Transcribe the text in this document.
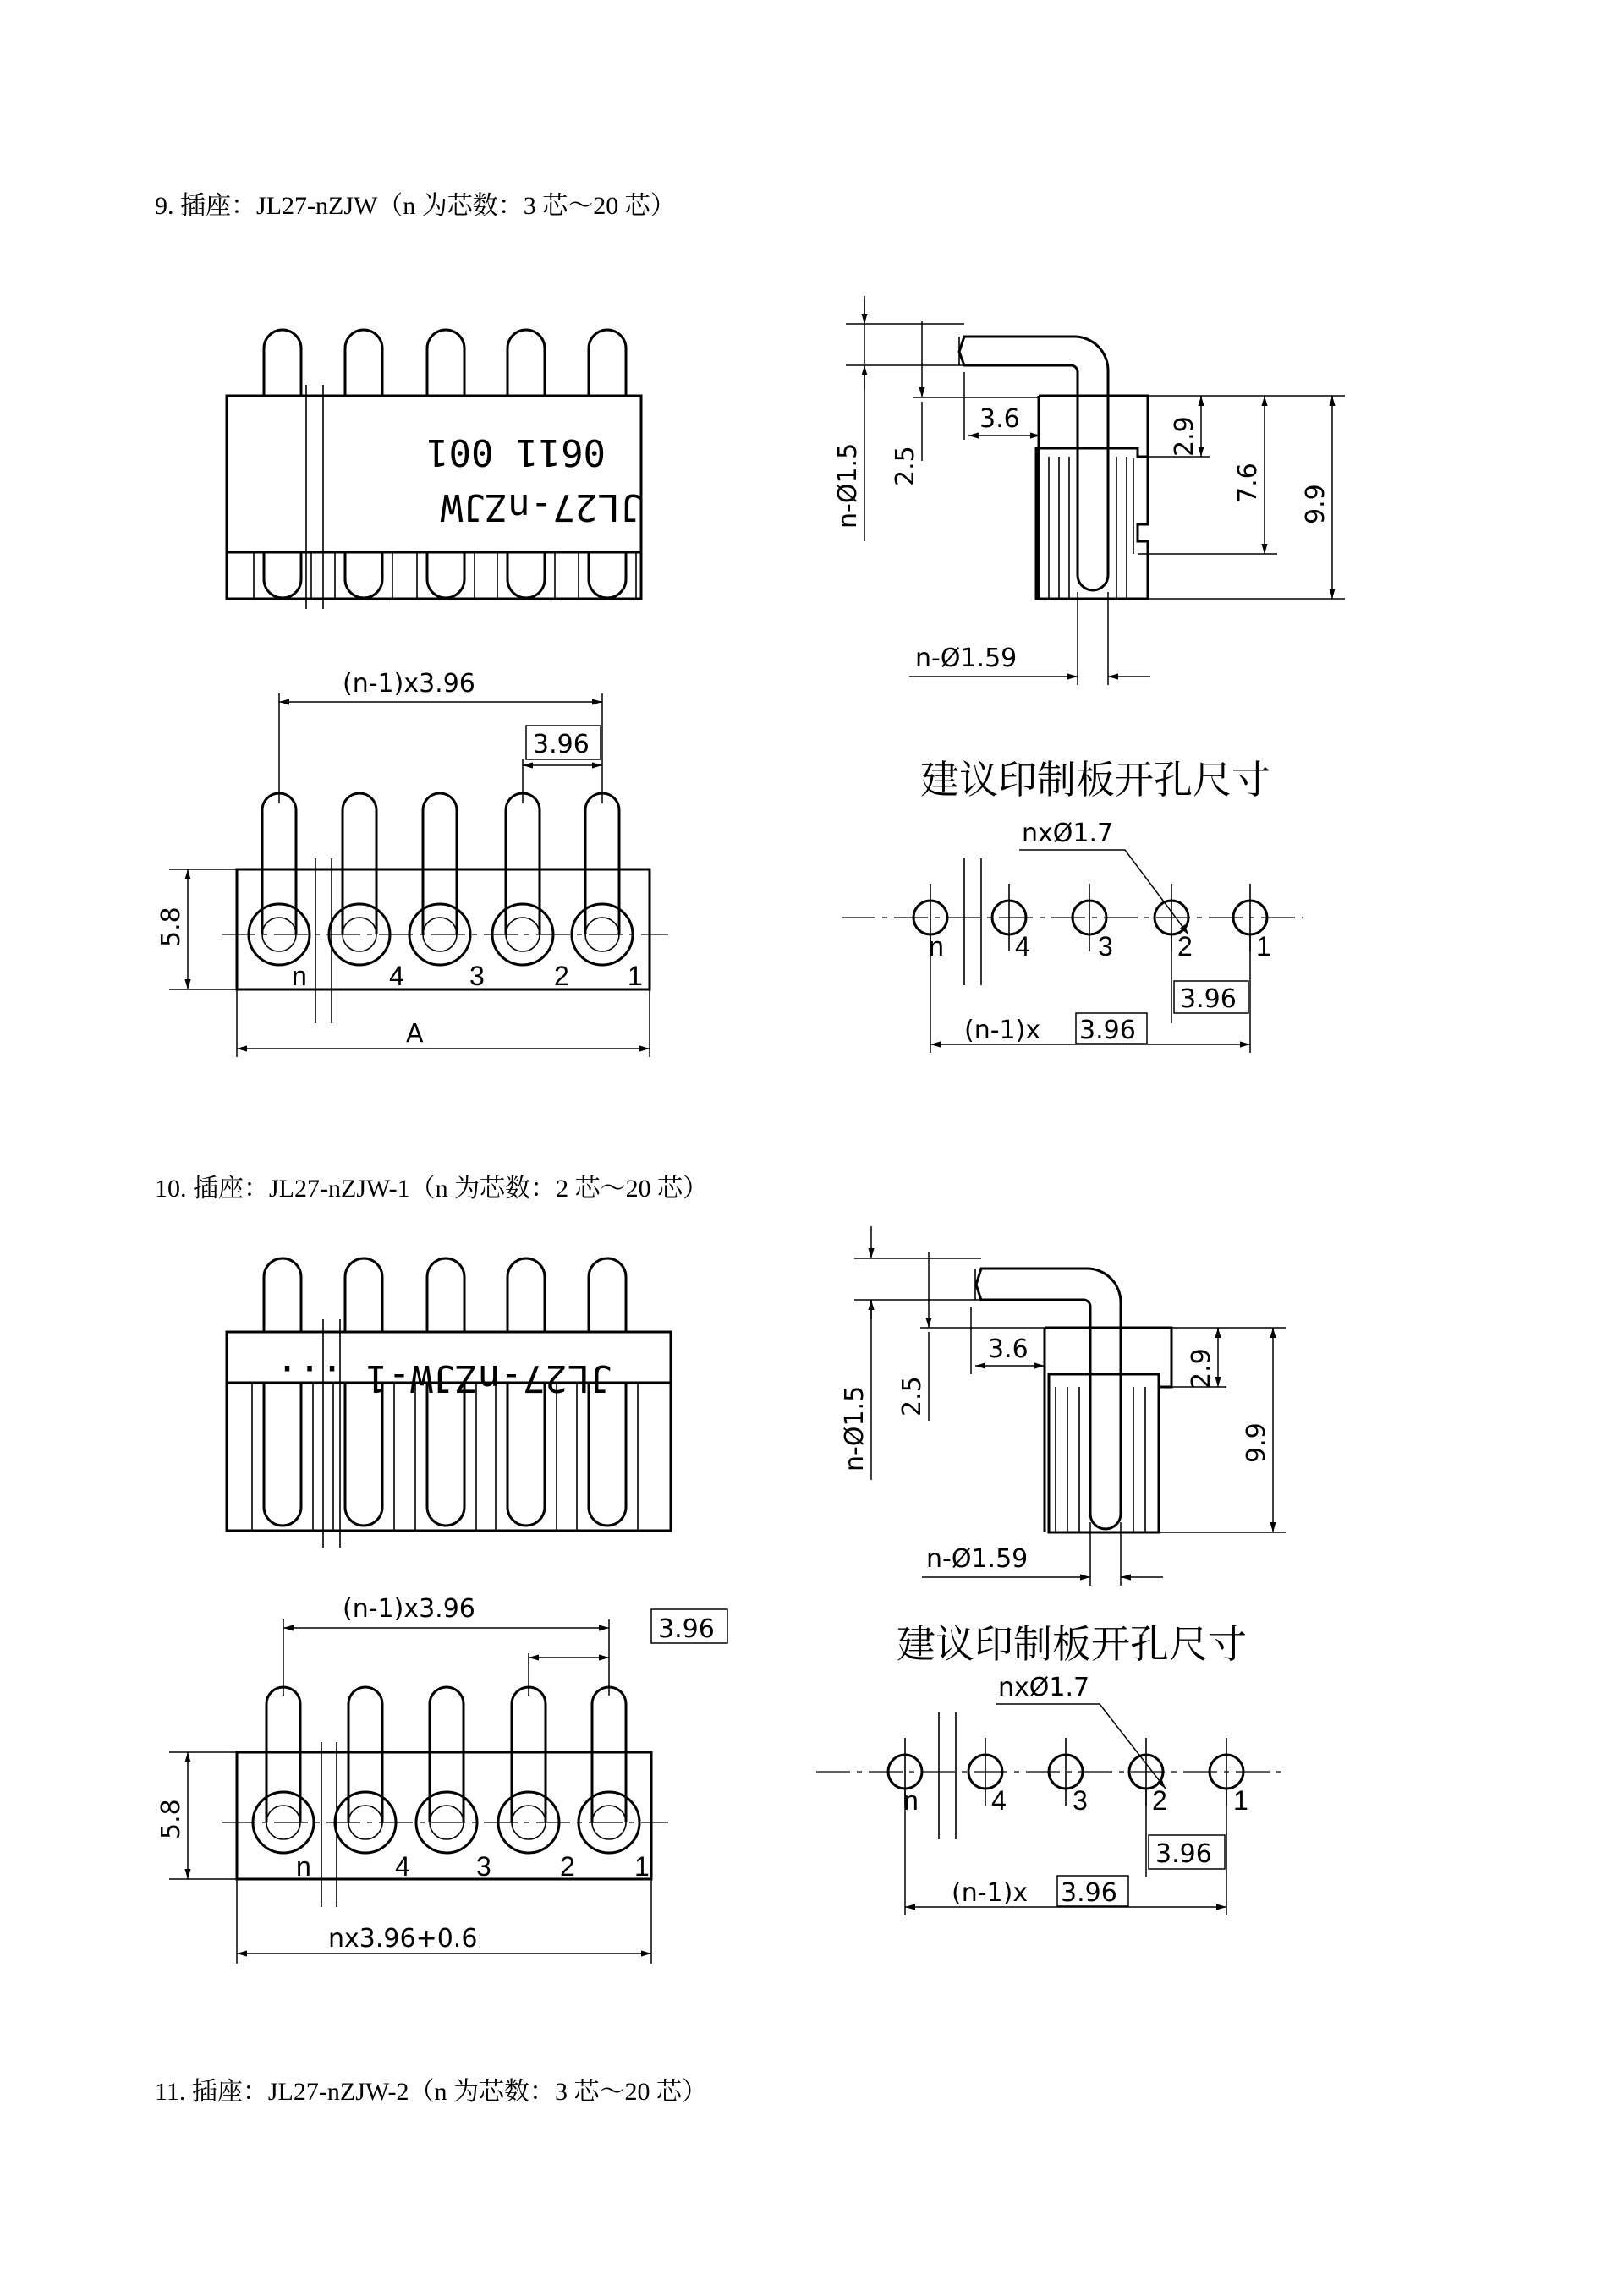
9. 插座：JL27-nZJW（n 为芯数：3 芯～20 芯）
10. 插座：JL27-nZJW-1（n 为芯数：2 芯～20 芯）
11. 插座：JL27-nZJW-2（n 为芯数：3 芯～20 芯）
JL27-nZJW
0611 001	n-Ø1.5 2.5
3.6	2.9
7.6
9.9
n-Ø1.59
(n-1)x3.96
3.96
5.8
A
n	4 3	2 1
建议印制板开孔尺寸
nxØ1.7
n	4	3 2 1
3.96
(n-1)x 3.96
JL27-nZJW-1 ...
n-Ø1.5 2.5
3.6	2.9
9.9
n-Ø1.59
(n-1)x3.96
3.96
5.8
nx3.96+0.6
n	4 3	2 1
建议印制板开孔尺寸
nxØ1.7
n	4 3 2 1
3.96
(n-1)x 3.96
